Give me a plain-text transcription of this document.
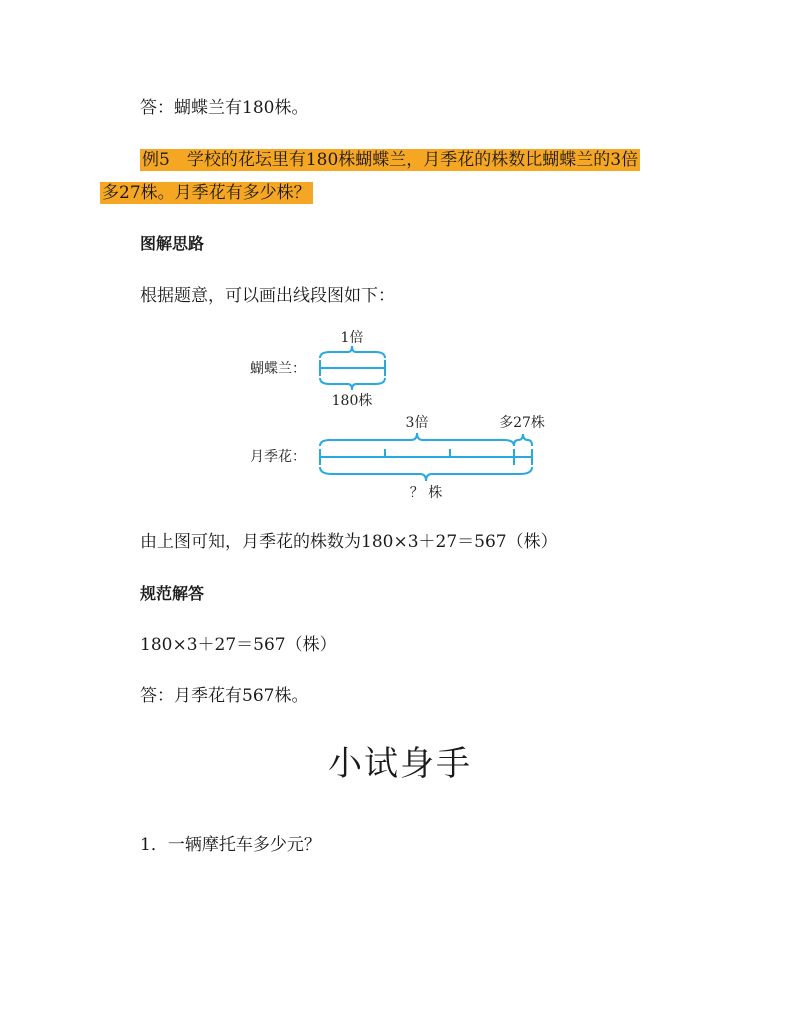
答：蝴蝶兰有180株。
例5　学校的花坛里有180株蝴蝶兰，月季花的株数比蝴蝶兰的3倍
多27株。月季花有多少株？
图解思路
根据题意，可以画出线段图如下：
1倍
蝴蝶兰：
180株
3倍	多27株
月季花：
？ 株
由上图可知，月季花的株数为180×3＋27＝567（株）
规范解答
180×3＋27＝567（株）
答：月季花有567株。
小试身手
1．一辆摩托车多少元？
